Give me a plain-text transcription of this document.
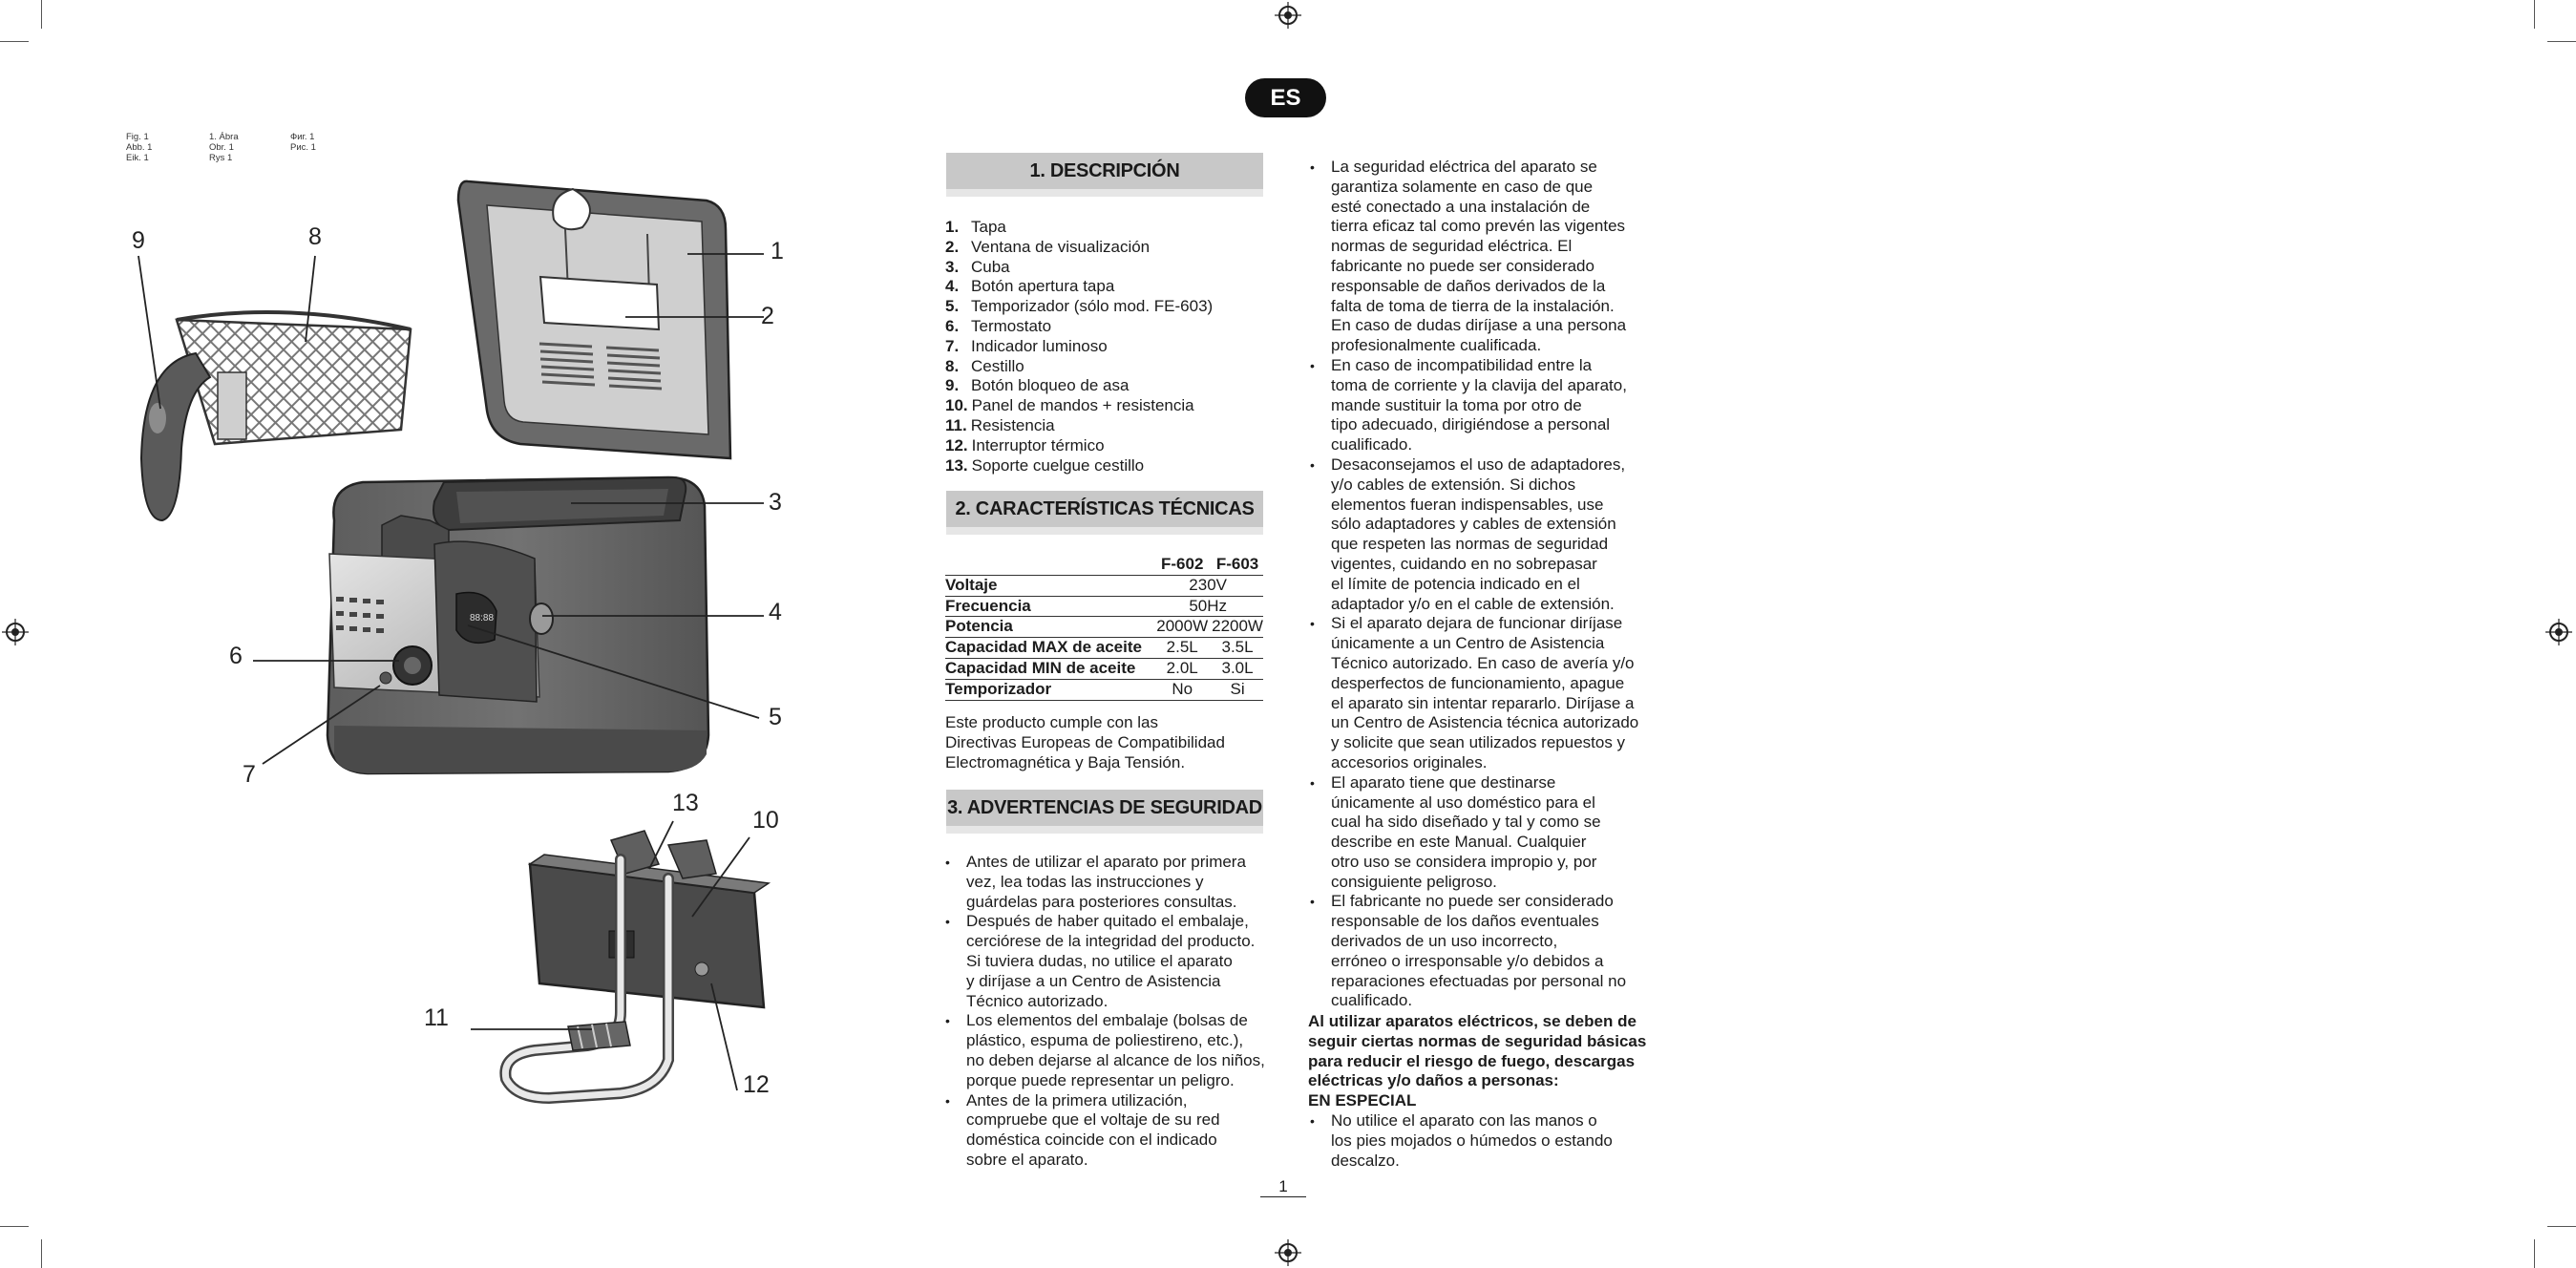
Fig. 1
Abb. 1
Eik. 1
1. Ábra
Obr. 1
Rys 1
Фиг. 1
Рис. 1
88:88
1
2
3
4
5
6
7
8
9
10
11
12
13
ES
1. DESCRIPCIÓN
1. Tapa
2. Ventana de visualización
3. Cuba
4. Botón apertura tapa
5. Temporizador (sólo mod. FE-603)
6. Termostato
7. Indicador luminoso
8. Cestillo
9. Botón bloqueo de asa
10. Panel de mandos + resistencia
11. Resistencia
12. Interruptor térmico
13. Soporte cuelgue cestillo
2. CARACTERÍSTICAS TÉCNICAS
	F-602	F-603
Voltaje	230V	
Frecuencia	50Hz	
Potencia	2000W	2200W
Capacidad MAX de aceite	2.5L	3.5L
Capacidad MIN de aceite	2.0L	3.0L
Temporizador	No	Si
Este producto cumple con las
Directivas Europeas de Compatibilidad
Electromagnética y Baja Tensión.
3. ADVERTENCIAS DE SEGURIDAD
• Antes de utilizar el aparato por primera
vez, lea todas las instrucciones y
guárdelas para posteriores consultas.
• Después de haber quitado el embalaje,
cerciórese de la integridad del producto.
Si tuviera dudas, no utilice el aparato
y diríjase a un Centro de Asistencia
Técnico autorizado.
• Los elementos del embalaje (bolsas de
plástico, espuma de poliestireno, etc.),
no deben dejarse al alcance de los niños,
porque puede representar un peligro.
• Antes de la primera utilización,
compruebe que el voltaje de su red
doméstica coincide con el indicado
sobre el aparato.
• La seguridad eléctrica del aparato se
garantiza solamente en caso de que
esté conectado a una instalación de
tierra eficaz tal como prevén las vigentes
normas de seguridad eléctrica. El
fabricante no puede ser considerado
responsable de daños derivados de la
falta de toma de tierra de la instalación.
En caso de dudas diríjase a una persona
profesionalmente cualificada.
• En caso de incompatibilidad entre la
toma de corriente y la clavija del aparato,
mande sustituir la toma por otro de
tipo adecuado, dirigiéndose a personal
cualificado.
• Desaconsejamos el uso de adaptadores,
y/o cables de extensión. Si dichos
elementos fueran indispensables, use
sólo adaptadores y cables de extensión
que respeten las normas de seguridad
vigentes, cuidando en no sobrepasar
el límite de potencia indicado en el
adaptador y/o en el cable de extensión.
• Si el aparato dejara de funcionar diríjase
únicamente a un Centro de Asistencia
Técnico autorizado. En caso de avería y/o
desperfectos de funcionamiento, apague
el aparato sin intentar repararlo. Diríjase a
un Centro de Asistencia técnica autorizado
y solicite que sean utilizados repuestos y
accesorios originales.
• El aparato tiene que destinarse
únicamente al uso doméstico para el
cual ha sido diseñado y tal y como se
describe en este Manual. Cualquier
otro uso se considera impropio y, por
consiguiente peligroso.
• El fabricante no puede ser considerado
responsable de los daños eventuales
derivados de un uso incorrecto,
erróneo o irresponsable y/o debidos a
reparaciones efectuadas por personal no
cualificado.
Al utilizar aparatos eléctricos, se deben de
seguir ciertas normas de seguridad básicas
para reducir el riesgo de fuego, descargas
eléctricas y/o daños a personas:
EN ESPECIAL
• No utilice el aparato con las manos o
los pies mojados o húmedos o estando
descalzo.
1
